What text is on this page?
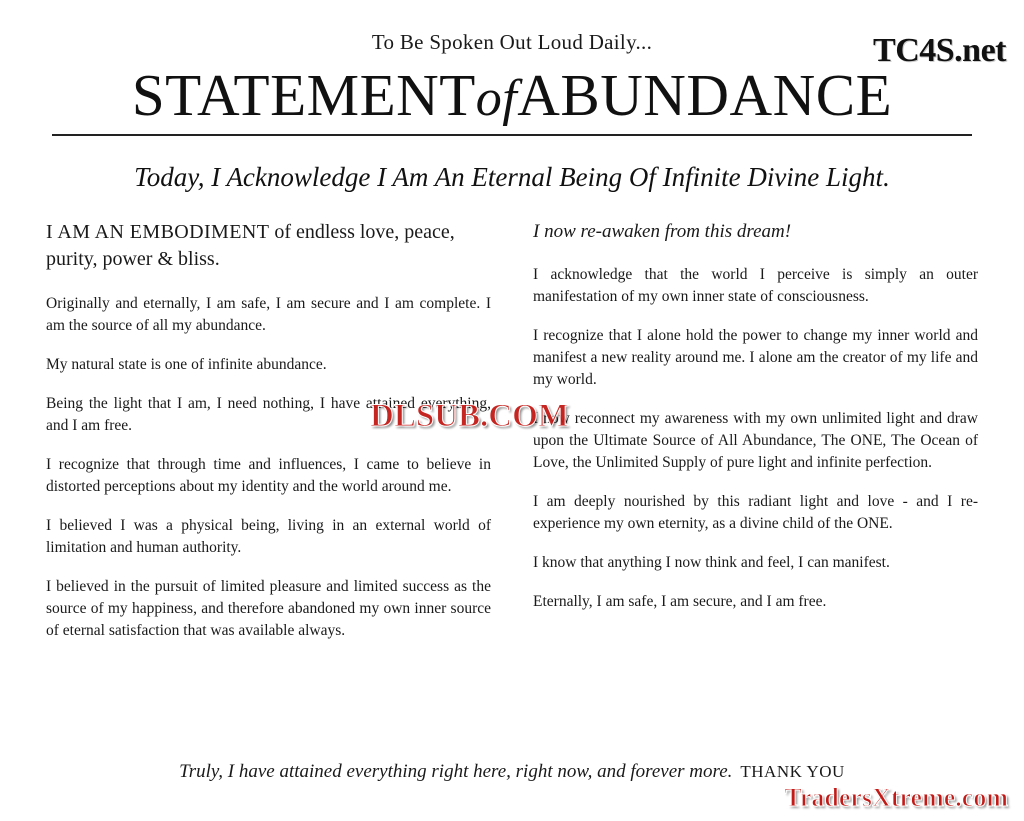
TC4S.net
To Be Spoken Out Loud Daily...
STATEMENTofABUNDANCE
Today, I Acknowledge I Am An Eternal Being Of Infinite Divine Light.

I AM AN EMBODIMENT of endless love, peace, purity, power & bliss.

Originally and eternally, I am safe, I am secure and I am complete. I am the source of all my abundance.

My natural state is one of infinite abundance.

Being the light that I am, I need nothing, I have attained everything, and I am free.

I recognize that through time and influences, I came to believe in distorted perceptions about my identity and the world around me.

I believed I was a physical being, living in an external world of limitation and human authority.

I believed in the pursuit of limited pleasure and limited success as the source of my happiness, and therefore abandoned my own inner source of eternal satisfaction that was available always.

I now re-awaken from this dream!

I acknowledge that the world I perceive is simply an outer manifestation of my own inner state of consciousness.

I recognize that I alone hold the power to change my inner world and manifest a new reality around me. I alone am the creator of my life and my world.

I now reconnect my awareness with my own unlimited light and draw upon the Ultimate Source of All Abundance, The ONE, The Ocean of Love, the Unlimited Supply of pure light and infinite perfection.

I am deeply nourished by this radiant light and love - and I re-experience my own eternity, as a divine child of the ONE.

I know that anything I now think and feel, I can manifest.

Eternally, I am safe, I am secure, and I am free.

Truly, I have attained everything right here, right now, and forever more. THANK YOU
DLSUB.COM
TradersXtreme.com
